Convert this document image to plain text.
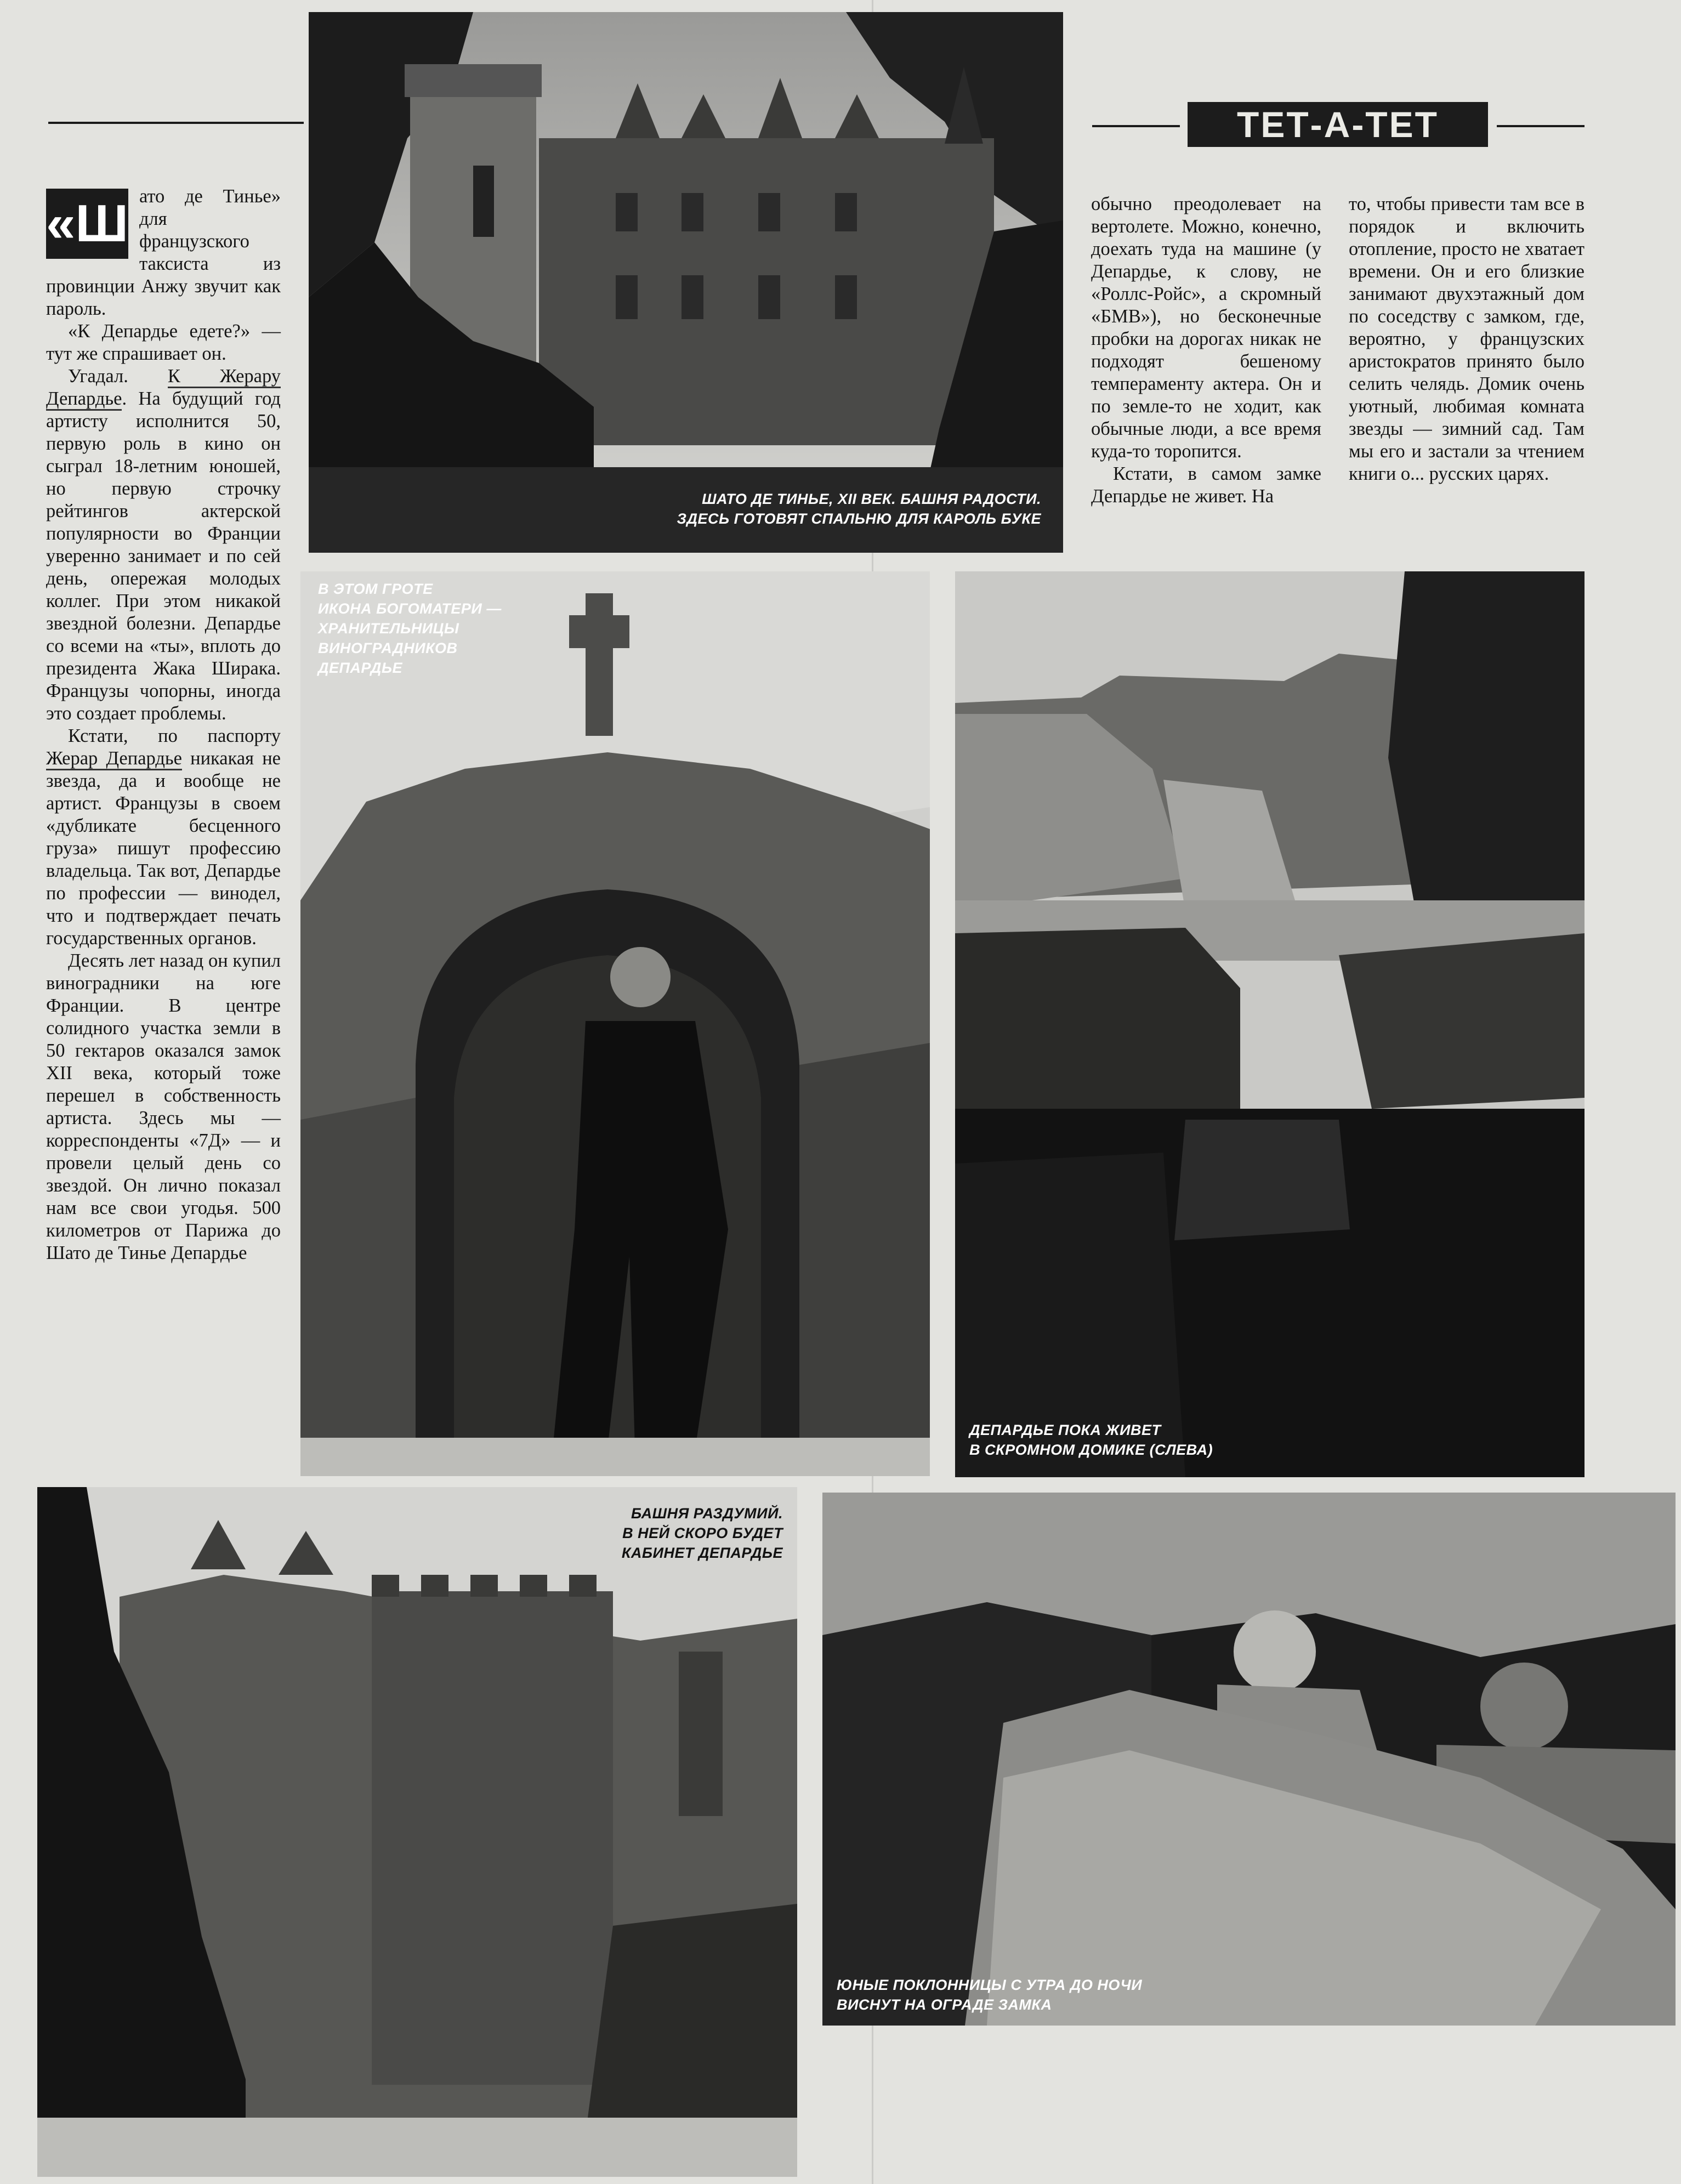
ТЕТ-А-ТЕТ

ШАТО ДЕ ТИНЬЕ, XII ВЕК. БАШНЯ РАДОСТИ.
ЗДЕСЬ ГОТОВЯТ СПАЛЬНЮ ДЛЯ КАРОЛЬ БУКЕ

В ЭТОМ ГРОТЕ
ИКОНА БОГОМАТЕРИ —
ХРАНИТЕЛЬНИЦЫ
ВИНОГРАДНИКОВ
ДЕПАРДЬЕ

ДЕПАРДЬЕ ПОКА ЖИВЕТ
В СКРОМНОМ ДОМИКЕ (СЛЕВА)

БАШНЯ РАЗДУМИЙ.
В НЕЙ СКОРО БУДЕТ
КАБИНЕТ ДЕПАРДЬЕ

ЮНЫЕ ПОКЛОННИЦЫ С УТРА ДО НОЧИ
ВИСНУТ НА ОГРАДЕ ЗАМКА

«Ш ато де Тинье» для французского таксиста из провинции Анжу звучит как пароль.

«К Депардье едете?» — тут же спрашивает он.

Угадал. К Жерару Депардье. На будущий год артисту исполнится 50, первую роль в кино он сыграл 18-летним юношей, но первую строчку рейтингов актерской популярности во Франции уверенно занимает и по сей день, опережая молодых коллег. При этом никакой звездной болезни. Депардье со всеми на «ты», вплоть до президента Жака Ширака. Французы чопорны, иногда это создает проблемы.

Кстати, по паспорту Жерар Депардье никакая не звезда, да и вообще не артист. Французы в своем «дубликате бесценного груза» пишут профессию владельца. Так вот, Депардье по профессии — винодел, что и подтверждает печать государственных органов.

Десять лет назад он купил виноградники на юге Франции. В центре солидного участка земли в 50 гектаров оказался замок XII века, который тоже перешел в собственность артиста. Здесь мы — корреспонденты «7Д» — и провели целый день со звездой. Он лично показал нам все свои угодья. 500 километров от Парижа до Шато де Тинье Депардье

обычно преодолевает на вертолете. Можно, конечно, доехать туда на машине (у Депардье, к слову, не «Роллс-Ройс», а скромный «БМВ»), но бесконечные пробки на дорогах никак не подходят бешеному темпераменту актера. Он и по земле-то не ходит, как обычные люди, а все время куда-то торопится.

Кстати, в самом замке Депардье не живет. На

то, чтобы привести там все в порядок и включить отопление, просто не хватает времени. Он и его близкие занимают двухэтажный дом по соседству с замком, где, вероятно, у французских аристократов принято было селить челядь. Домик очень уютный, любимая комната звезды — зимний сад. Там мы его и застали за чтением книги о... русских царях.
